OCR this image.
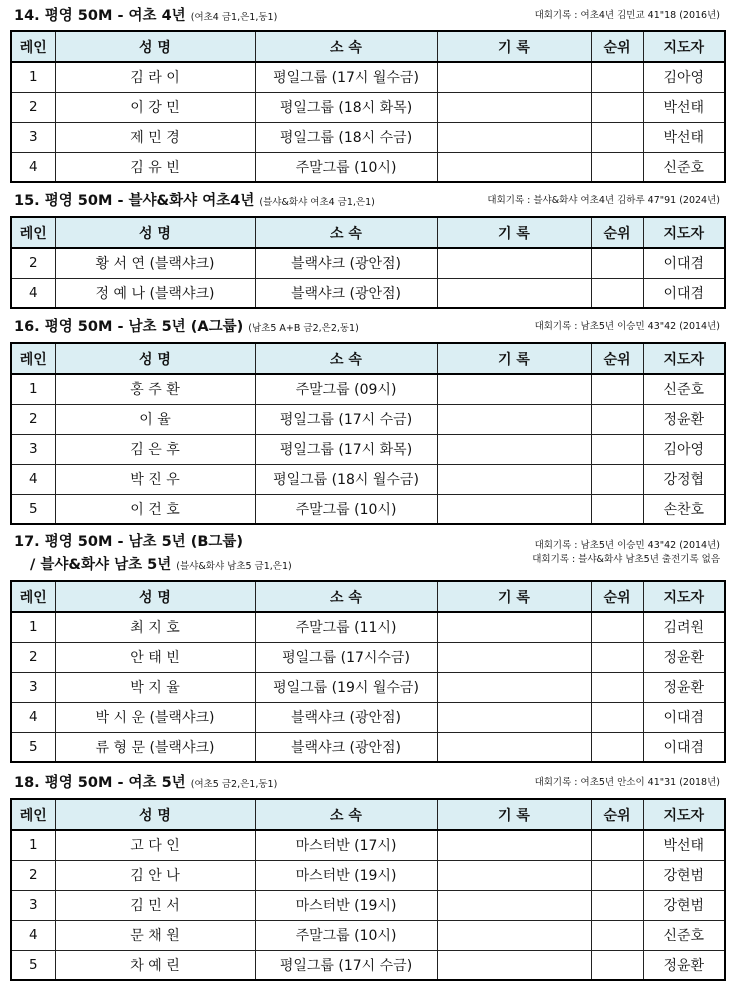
14. 평영 50M - 여초 4년 (여초4 금1,은1,동1)	대회기록 : 여초4년 김민교 41"18 (2016년)
레인	성 명	소 속	기 록	순위	지도자
1	김 라 이	평일그룹 (17시 월수금)			김아영
2	이 강 민	평일그룹 (18시 화목)			박선태
3	제 민 경	평일그룹 (18시 수금)			박선태
4	김 유 빈	주말그룹 (10시)			신준호
15. 평영 50M - 블샤&화샤 여초4년 (블샤&화샤 여초4 금1,은1)	대회기록 : 블샤&화샤 여초4년 김하루 47"91 (2024년)
레인	성 명	소 속	기 록	순위	지도자
2	황 서 연 (블랙샤크)	블랙샤크 (광안점)			이대겸
4	정 예 나 (블랙샤크)	블랙샤크 (광안점)			이대겸
16. 평영 50M - 남초 5년 (A그룹) (남초5 A+B 금2,은2,동1)	대회기록 : 남초5년 이승민 43"42 (2014년)
레인	성 명	소 속	기 록	순위	지도자
1	홍 주 환	주말그룹 (09시)			신준호
2	이 율	평일그룹 (17시 수금)			정윤환
3	김 은 후	평일그룹 (17시 화목)			김아영
4	박 진 우	평일그룹 (18시 월수금)			강정협
5	이 건 호	주말그룹 (10시)			손찬호
17. 평영 50M - 남초 5년 (B그룹)
/ 블샤&화샤 남초 5년 (블샤&화샤 남초5 금1,은1)
대회기록 : 남초5년 이승민 43"42 (2014년)
대회기록 : 블샤&화샤 남초5년 출전기록 없음
레인	성 명	소 속	기 록	순위	지도자
1	최 지 호	주말그룹 (11시)			김려원
2	안 태 빈	평일그룹 (17시수금)			정윤환
3	박 지 율	평일그룹 (19시 월수금)			정윤환
4	박 시 운 (블랙샤크)	블랙샤크 (광안점)			이대겸
5	류 형 문 (블랙샤크)	블랙샤크 (광안점)			이대겸
18. 평영 50M - 여초 5년 (여초5 금2,은1,동1)	대회기록 : 여초5년 안소이 41"31 (2018년)
레인	성 명	소 속	기 록	순위	지도자
1	고 다 인	마스터반 (17시)			박선태
2	김 안 나	마스터반 (19시)			강현범
3	김 민 서	마스터반 (19시)			강현범
4	문 채 원	주말그룹 (10시)			신준호
5	차 예 린	평일그룹 (17시 수금)			정윤환
